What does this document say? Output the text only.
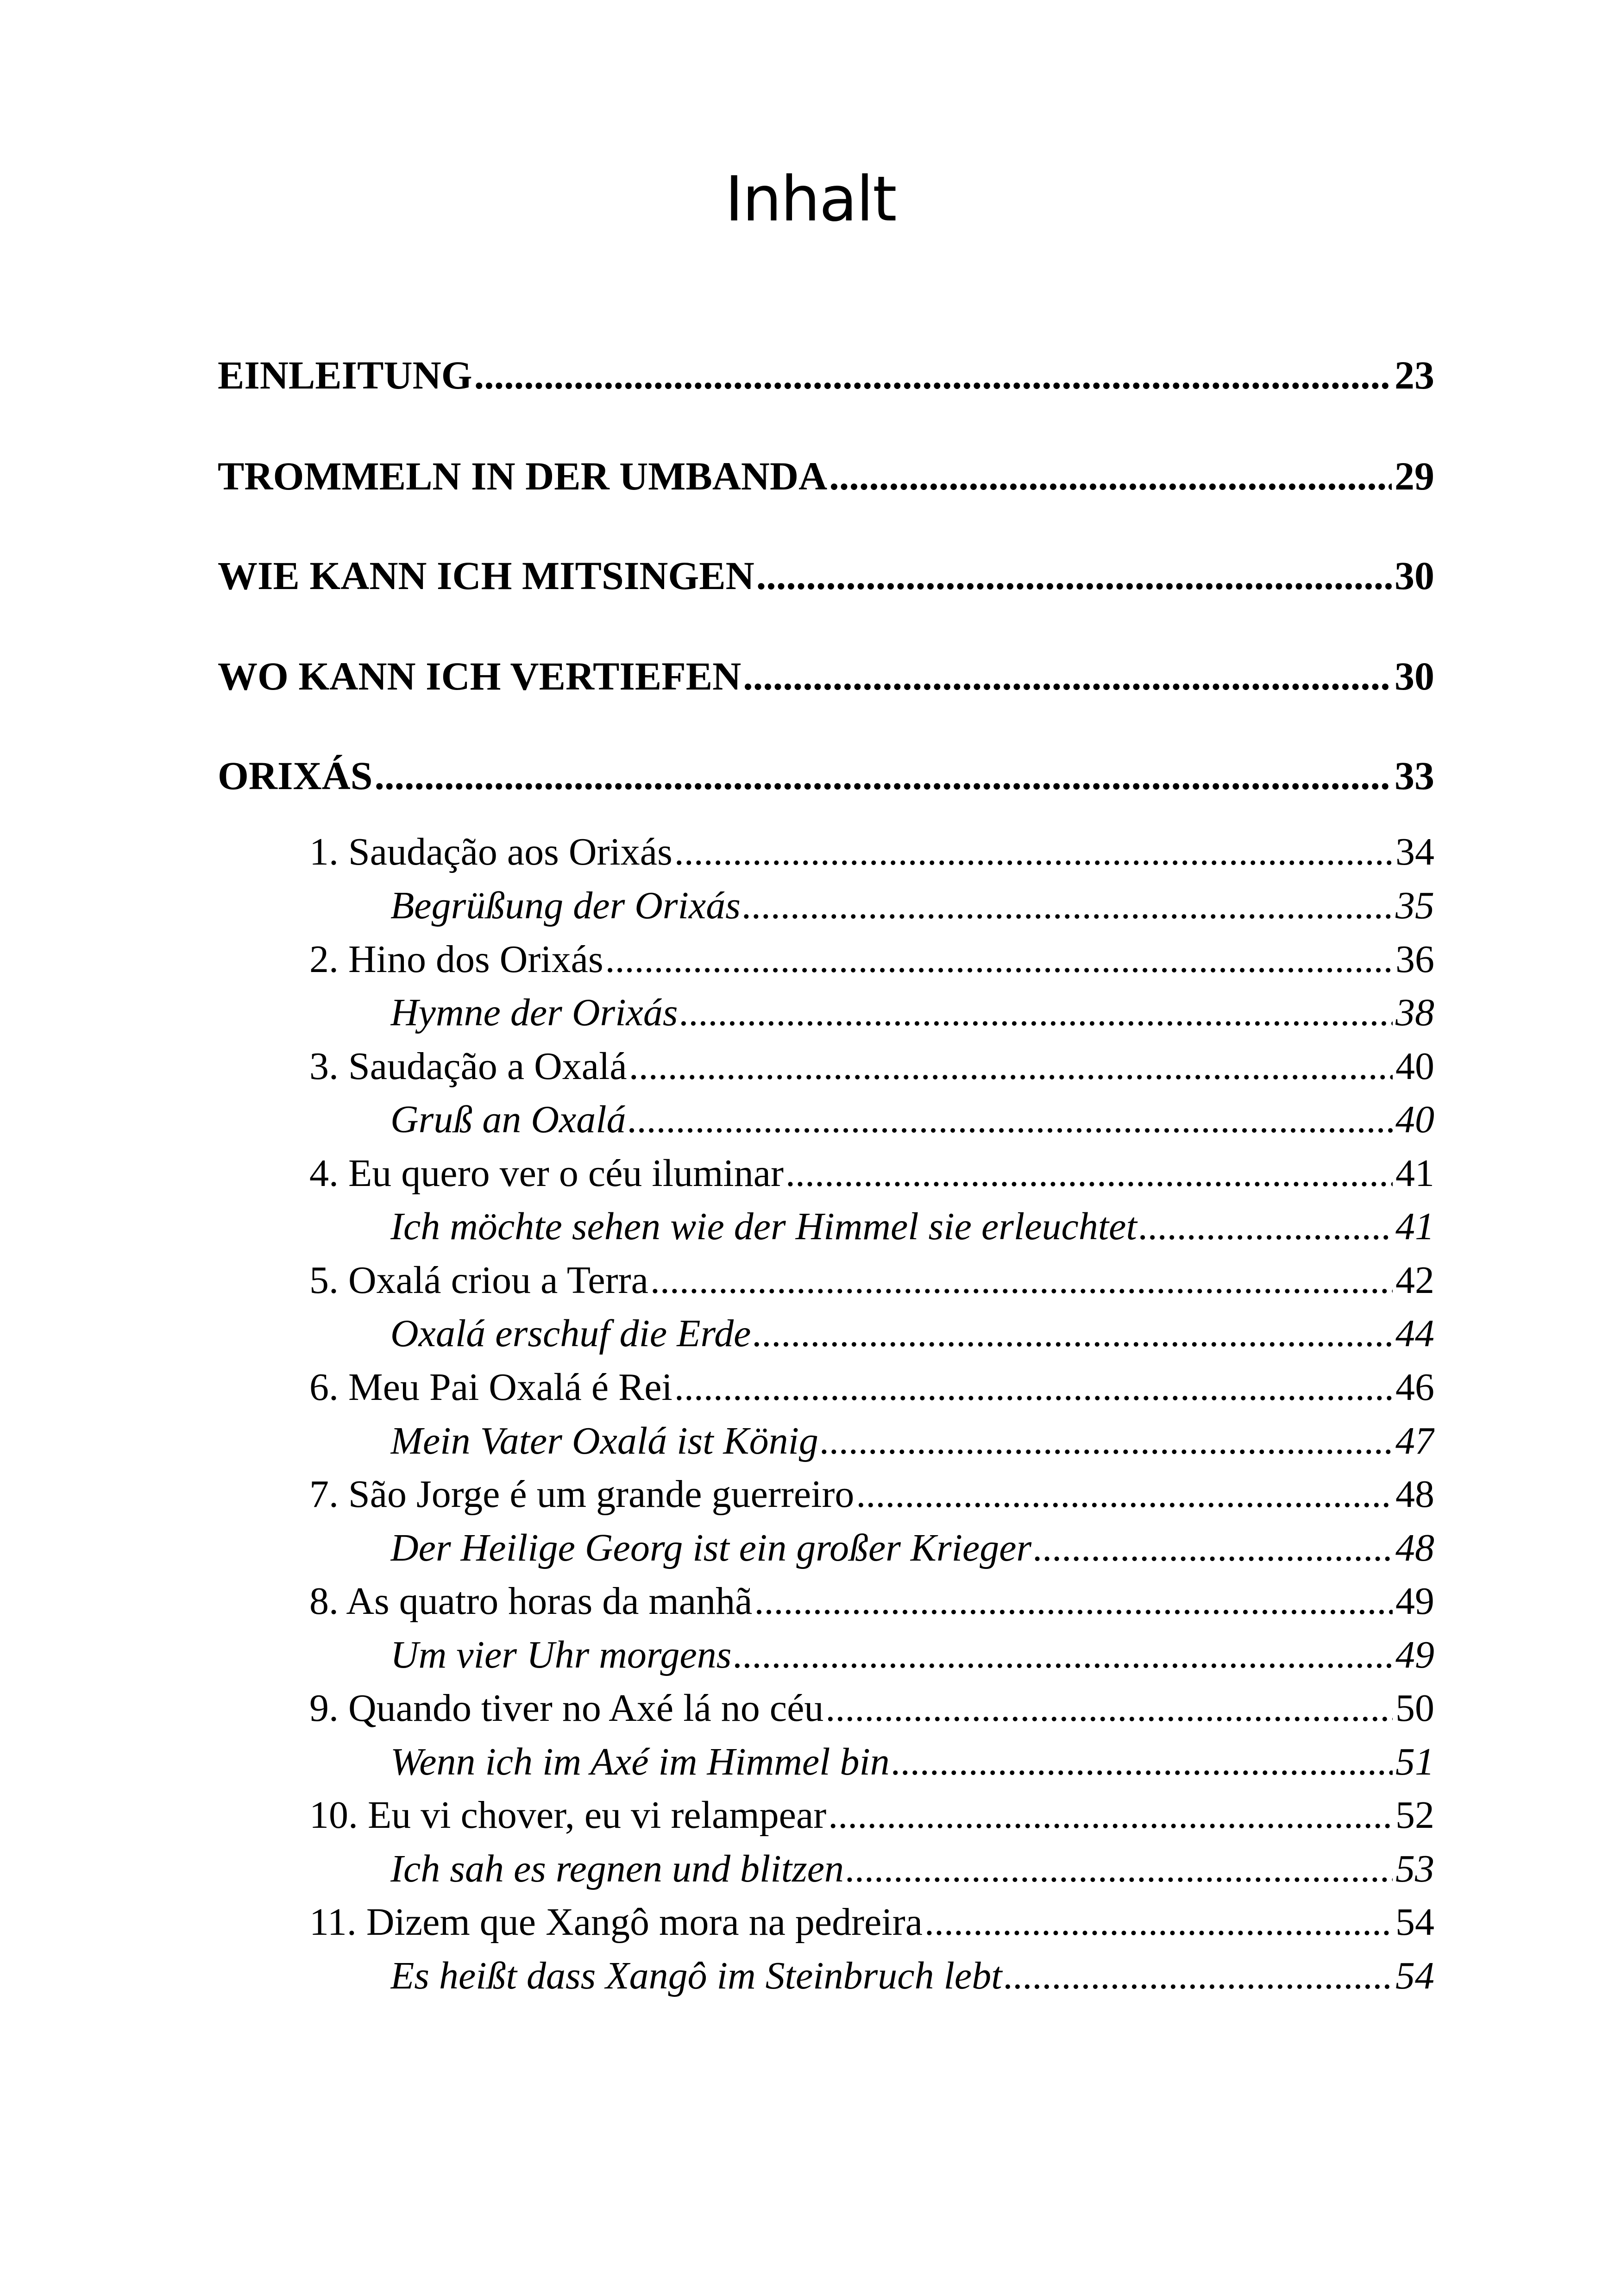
Inhalt
EINLEITUNG .....	23
TROMMELN IN DER UMBANDA .....	29
WIE KANN ICH MITSINGEN .....	30
WO KANN ICH VERTIEFEN .....	30
ORIXÁS .....	33
1. Saudação aos Orixás .....	34
Begrüßung der Orixás .....	35
2. Hino dos Orixás .....	36
Hymne der Orixás .....	38
3. Saudação a Oxalá .....	40
Gruß an Oxalá .....	40
4. Eu quero ver o céu iluminar .....	41
Ich möchte sehen wie der Himmel sie erleuchtet .....	41
5. Oxalá criou a Terra .....	42
Oxalá erschuf die Erde .....	44
6. Meu Pai Oxalá é Rei .....	46
Mein Vater Oxalá ist König .....	47
7. São Jorge é um grande guerreiro .....	48
Der Heilige Georg ist ein großer Krieger .....	48
8. As quatro horas da manhã .....	49
Um vier Uhr morgens .....	49
9. Quando tiver no Axé lá no céu .....	50
Wenn ich im Axé im Himmel bin .....	51
10. Eu vi chover, eu vi relampear .....	52
Ich sah es regnen und blitzen .....	53
11. Dizem que Xangô mora na pedreira .....	54
Es heißt dass Xangô im Steinbruch lebt .....	54
